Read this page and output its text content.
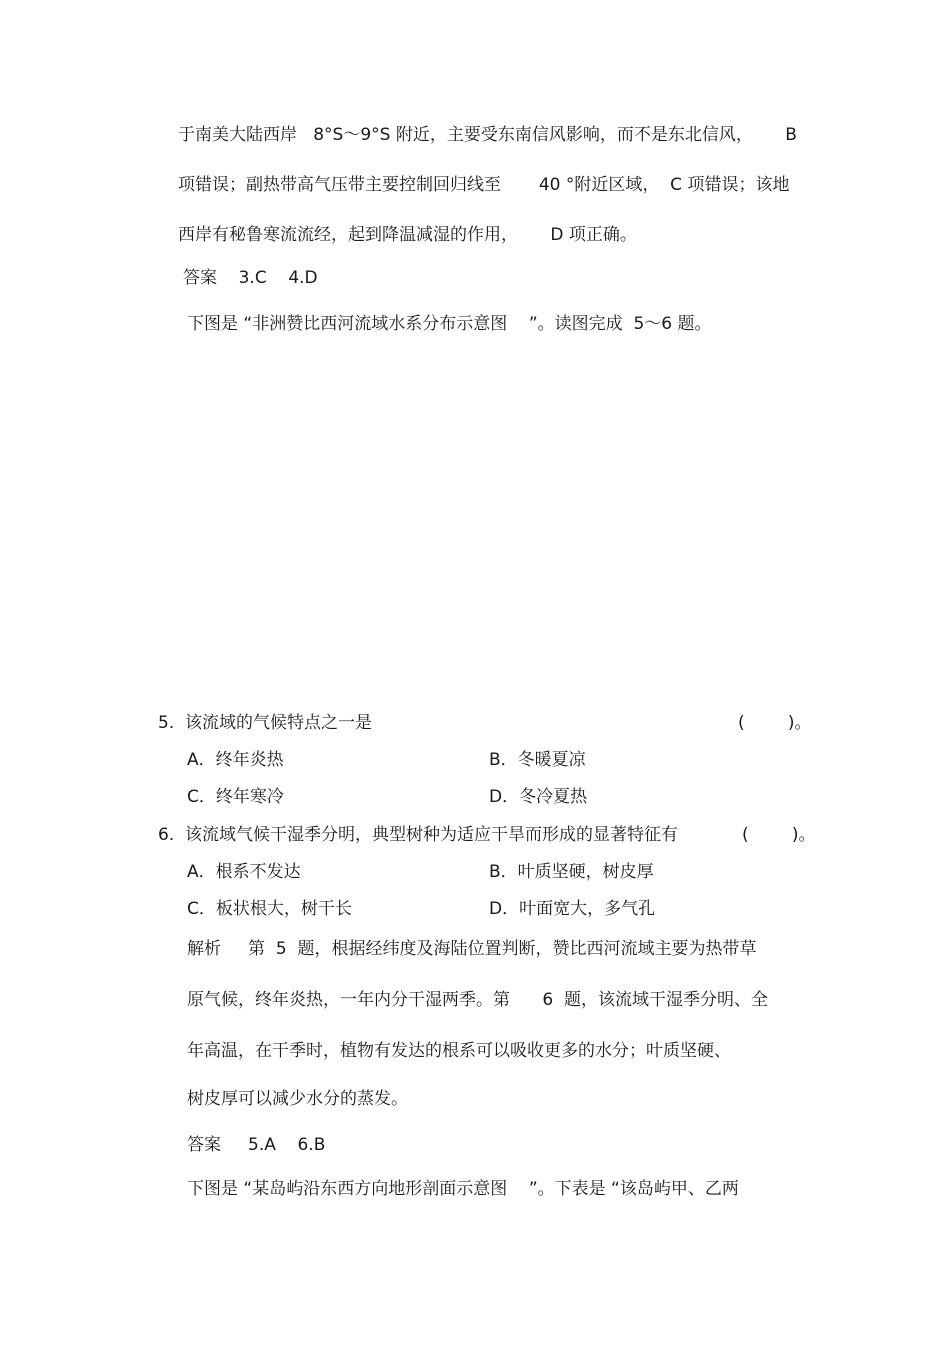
于南美大陆西岸   8°S～9°S 附近，主要受东南信风影响，而不是东北信风，      B
项错误；副热带高气压带主要控制回归线至       40 °附近区域，  C 项错误；该地
西岸有秘鲁寒流流经，起到降温减湿的作用，      D 项正确。
答案    3.C    4.D
下图是 “非洲赞比西河流域水系分布示意图    ”。读图完成  5～6 题。
5.  该流域的气候特点之一是	(        )。
A．终年炎热	B．冬暖夏凉
C．终年寒冷	D．冬冷夏热
6.  该流域气候干湿季分明，典型树种为适应干旱而形成的显著特征有	(        )。
A．根系不发达	B．叶质坚硬，树皮厚
C．板状根大，树干长	D．叶面宽大，多气孔
解析     第  5  题，根据经纬度及海陆位置判断，赞比西河流域主要为热带草
原气候，终年炎热，一年内分干湿两季。第      6  题，该流域干湿季分明、全
年高温，在干季时，植物有发达的根系可以吸收更多的水分；叶质坚硬、
树皮厚可以减少水分的蒸发。
答案     5.A    6.B
下图是 “某岛屿沿东西方向地形剖面示意图    ”。下表是 “该岛屿甲、乙两
